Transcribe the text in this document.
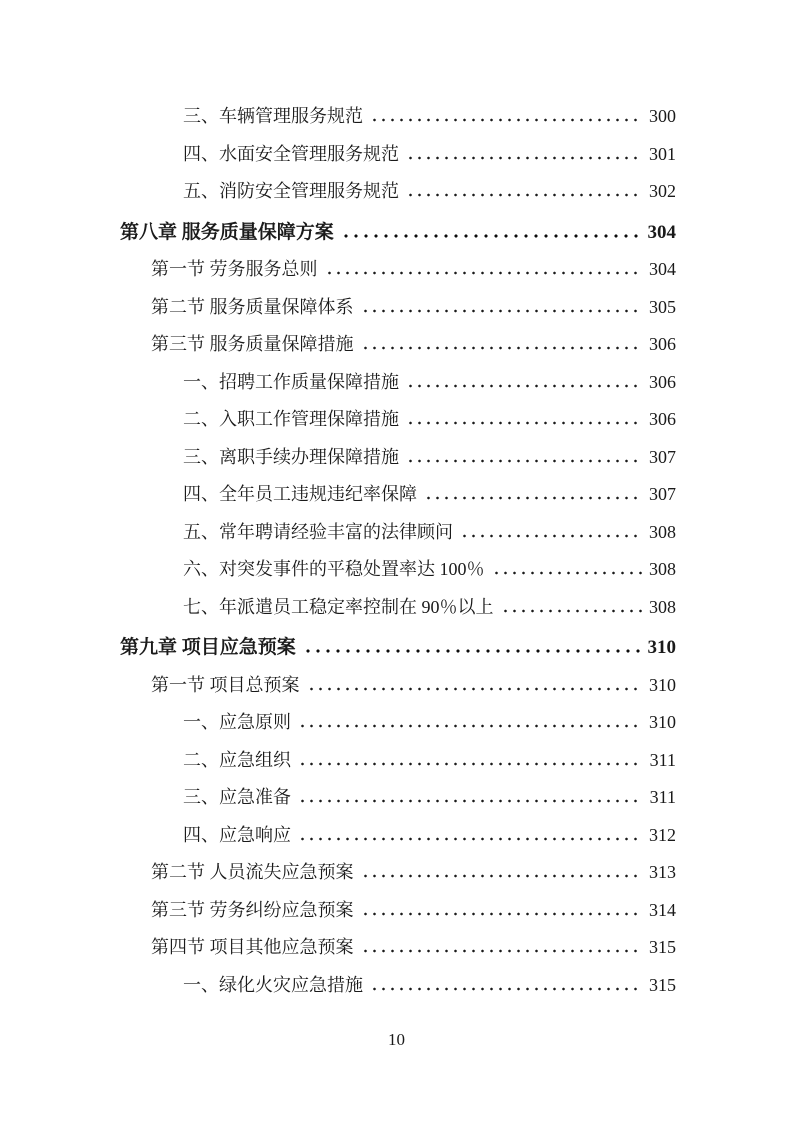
三、车辆管理服务规范	300
四、水面安全管理服务规范	301
五、消防安全管理服务规范	302
第八章 服务质量保障方案	304
第一节 劳务服务总则	304
第二节 服务质量保障体系	305
第三节 服务质量保障措施	306
一、招聘工作质量保障措施	306
二、入职工作管理保障措施	306
三、离职手续办理保障措施	307
四、全年员工违规违纪率保障	307
五、常年聘请经验丰富的法律顾问	308
六、对突发事件的平稳处置率达 100％	308
七、年派遣员工稳定率控制在 90％以上	308
第九章 项目应急预案	310
第一节 项目总预案	310
一、应急原则	310
二、应急组织	311
三、应急准备	311
四、应急响应	312
第二节 人员流失应急预案	313
第三节 劳务纠纷应急预案	314
第四节 项目其他应急预案	315
一、绿化火灾应急措施	315
10
